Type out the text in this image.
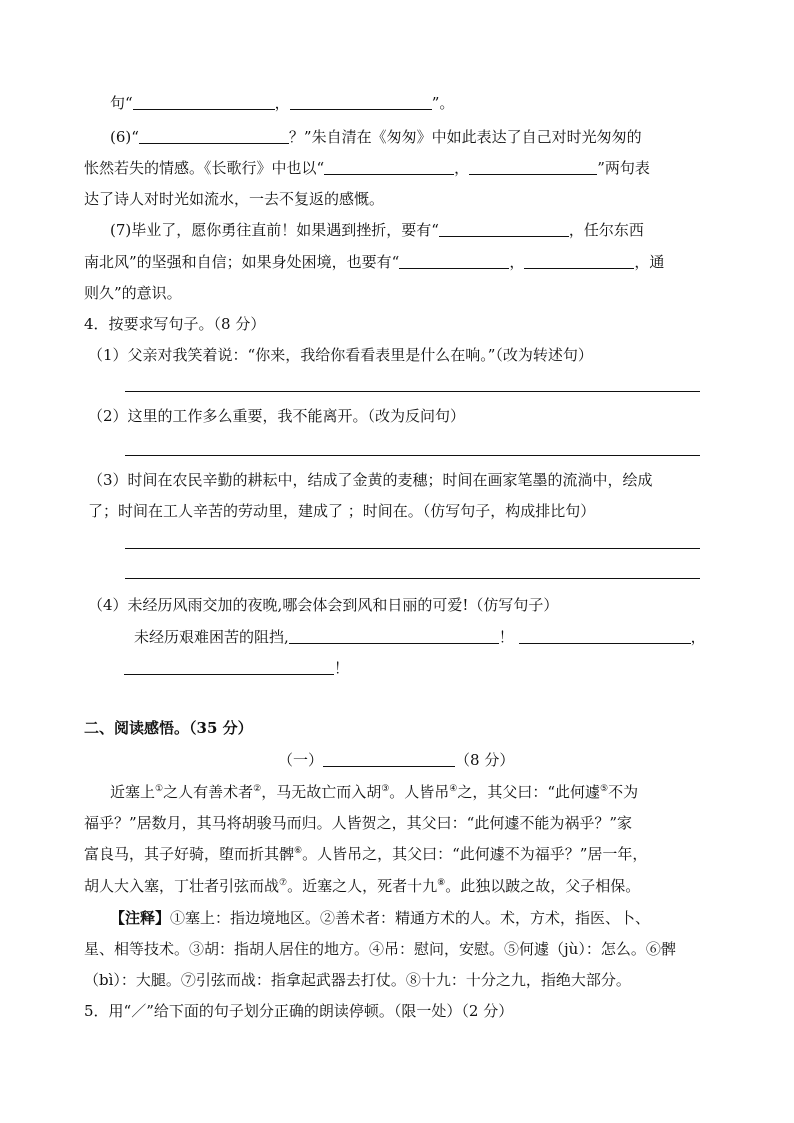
句“	，	”。
(6)“	？”朱自清在《匆匆》中如此表达了自己对时光匆匆的
怅然若失的情感。《长歌行》中也以“	，	”两句表
达了诗人对时光如流水，一去不复返的感慨。
(7)毕业了，愿你勇往直前！如果遇到挫折，要有“	，任尔东西
南北风”的坚强和自信；如果身处困境，也要有“	，	，通
则久”的意识。
4．按要求写句子。（8 分）
（1）父亲对我笑着说：“你来，我给你看看表里是什么在响。”（改为转述句）
（2）这里的工作多么重要，我不能离开。（改为反问句）
（3）时间在农民辛勤的耕耘中，结成了金黄的麦穗；时间在画家笔墨的流淌中，绘成
了；时间在工人辛苦的劳动里，建成了 ；时间在。（仿写句子，构成排比句）
（4）未经历风雨交加的夜晚,哪会体会到风和日丽的可爱!（仿写句子）
未经历艰难困苦的阻挡,	！	，
！
二、阅读感悟。（35 分）
（一）	（8 分）
近塞上①之人有善术者②，马无故亡而入胡③。人皆吊④之，其父曰：“此何遽⑤不为
福乎？”居数月，其马将胡骏马而归。人皆贺之，其父曰：“此何遽不能为祸乎？”家
富良马，其子好骑，堕而折其髀⑥。人皆吊之，其父曰：“此何遽不为福乎？”居一年，
胡人大入塞，丁壮者引弦而战⑦。近塞之人，死者十九⑧。此独以跛之故，父子相保。
【注释】①塞上：指边境地区。②善术者：精通方术的人。术，方术，指医、卜、
星、相等技术。③胡：指胡人居住的地方。④吊：慰问，安慰。⑤何遽（jù）：怎么。⑥髀
（bì）：大腿。⑦引弦而战：指拿起武器去打仗。⑧十九：十分之九，指绝大部分。
5．用“／”给下面的句子划分正确的朗读停顿。（限一处）（2 分）
